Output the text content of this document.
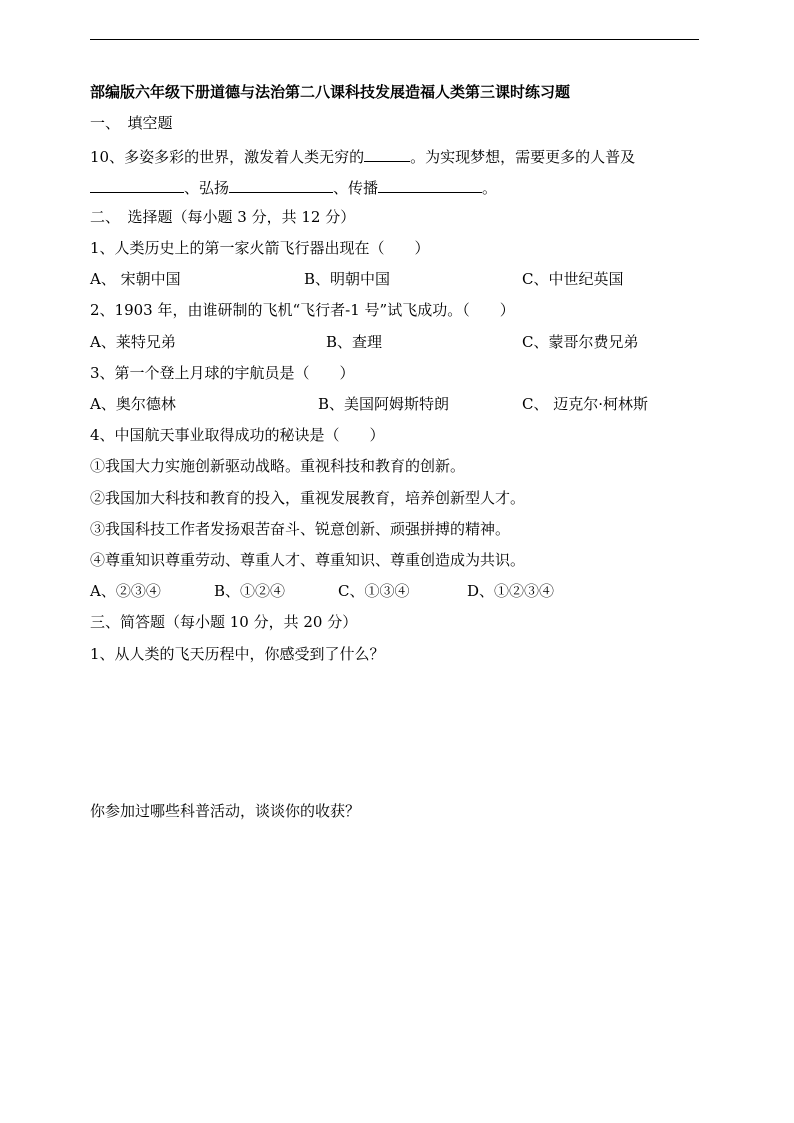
部编版六年级下册道德与法治第二八课科技发展造福人类第三课时练习题
一、　填空题
10、多姿多彩的世界，激发着人类无穷的	。为实现梦想，需要更多的人普及
、弘扬	、传播	。
二、　选择题（每小题 3 分，共 12 分）
1、人类历史上的第一家火箭飞行器出现在（　　）
A、 宋朝中国	B、明朝中国	C、中世纪英国
2、1903 年，由谁研制的飞机“飞行者-1 号”试飞成功。（　　）
A、莱特兄弟	B、查理	C、蒙哥尔费兄弟
3、第一个登上月球的宇航员是（　　）
A、奥尔德林	B、美国阿姆斯特朗	C、 迈克尔·柯林斯
4、中国航天事业取得成功的秘诀是（　　）
①我国大力实施创新驱动战略。重视科技和教育的创新。
②我国加大科技和教育的投入，重视发展教育，培养创新型人才。
③我国科技工作者发扬艰苦奋斗、锐意创新、顽强拼搏的精神。
④尊重知识尊重劳动、尊重人才、尊重知识、尊重创造成为共识。
A、②③④	B、①②④	C、①③④	D、①②③④
三、简答题（每小题 10 分，共 20 分）
1、从人类的飞天历程中，你感受到了什么？
你参加过哪些科普活动，谈谈你的收获？
